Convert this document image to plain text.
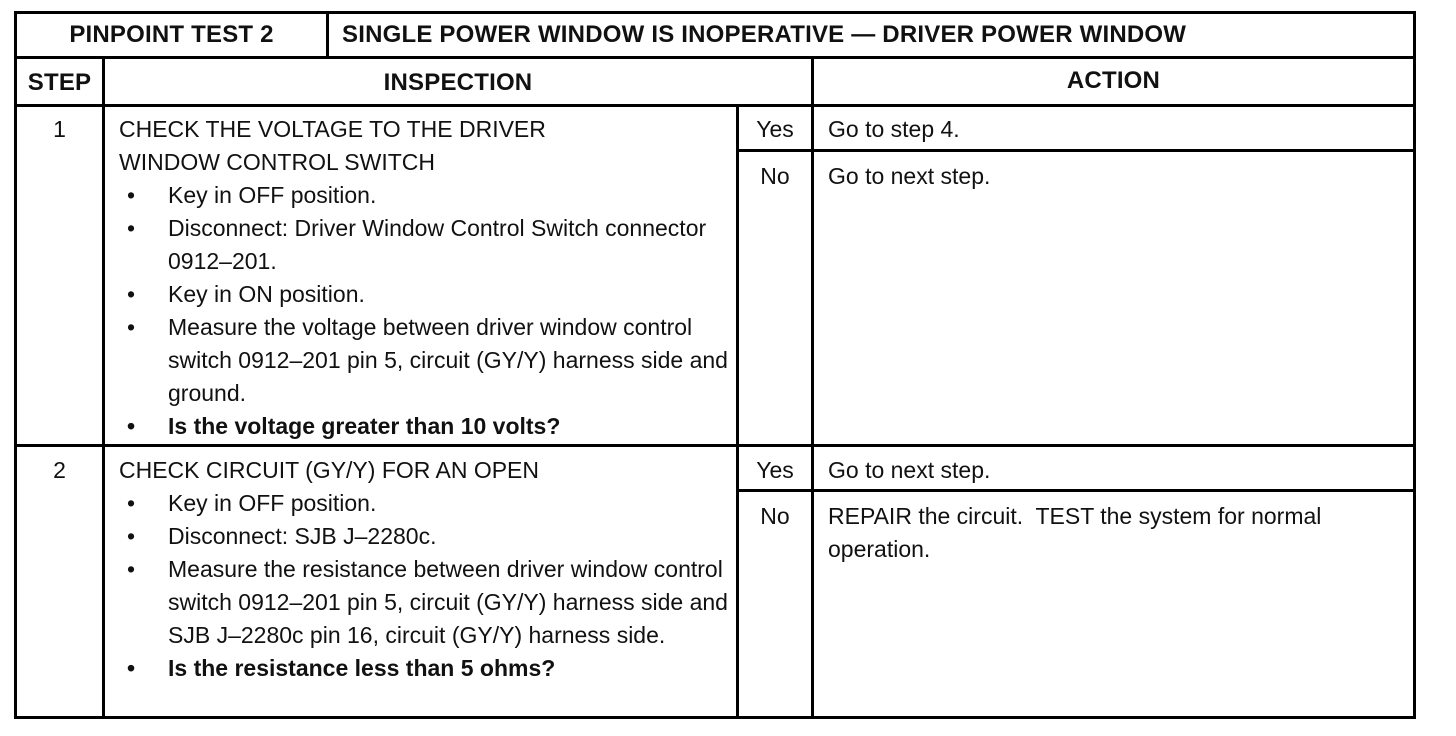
PINPOINT TEST 2	SINGLE POWER WINDOW IS INOPERATIVE — DRIVER POWER WINDOW
STEP	INSPECTION	ACTION
1	CHECK THE VOLTAGE TO THE DRIVER
WINDOW CONTROL SWITCH
• Key in OFF position.
• Disconnect: Driver Window Control Switch connector 0912–201.
• Key in ON position.
• Measure the voltage between driver window control switch 0912–201 pin 5, circuit (GY/Y) harness side and ground.
• Is the voltage greater than 10 volts?
Yes	Go to step 4.
No	Go to next step.
2	CHECK CIRCUIT (GY/Y) FOR AN OPEN
• Key in OFF position.
• Disconnect: SJB J–2280c.
• Measure the resistance between driver window control switch 0912–201 pin 5, circuit (GY/Y) harness side and SJB J–2280c pin 16, circuit (GY/Y) harness side.
• Is the resistance less than 5 ohms?
Yes	Go to next step.
No	REPAIR the circuit.  TEST the system for normal operation.
